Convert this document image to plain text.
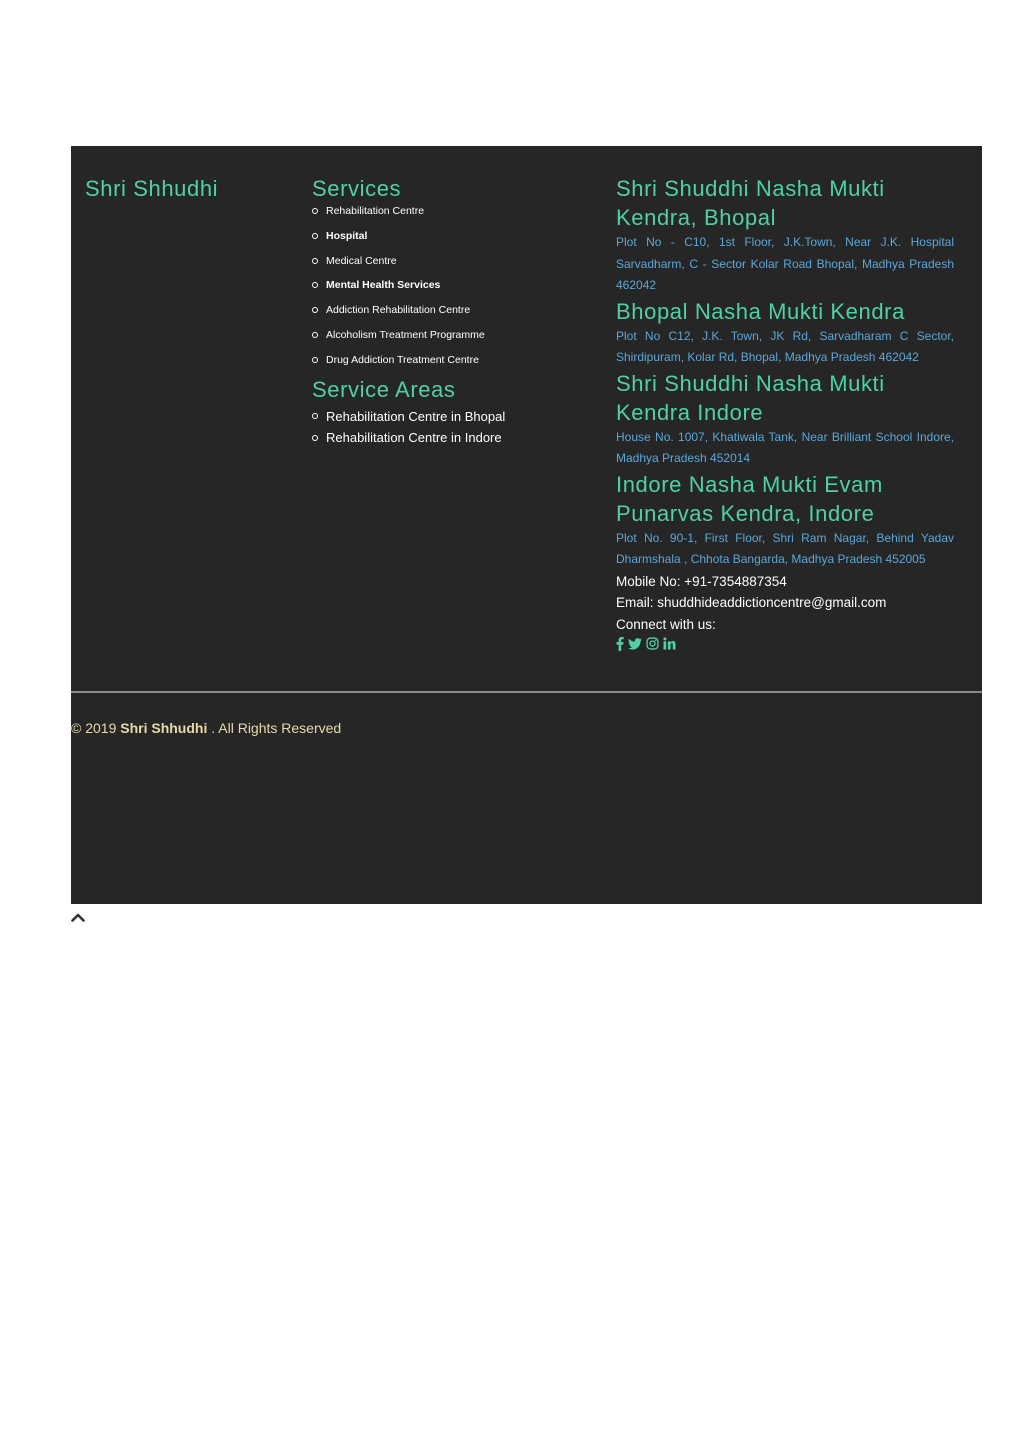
Shri Shhudhi	Services
Rehabilitation Centre
Hospital
Medical Centre
Mental Health Services
Addiction Rehabilitation Centre
Alcoholism Treatment Programme
Drug Addiction Treatment Centre
Service Areas
Rehabilitation Centre in Bhopal
Rehabilitation Centre in Indore
Shri Shuddhi Nasha Mukti Kendra, Bhopal

Plot No - C10, 1st Floor, J.K.Town, Near J.K. Hospital Sarvadharm, C - Sector Kolar Road Bhopal, Madhya Pradesh 462042

Bhopal Nasha Mukti Kendra

Plot No C12, J.K. Town, JK Rd, Sarvadharam C Sector, Shirdipuram, Kolar Rd, Bhopal, Madhya Pradesh 462042

Shri Shuddhi Nasha Mukti Kendra Indore

House No. 1007, Khatiwala Tank, Near Brilliant School Indore, Madhya Pradesh 452014

Indore Nasha Mukti Evam Punarvas Kendra, Indore

Plot No. 90-1, First Floor, Shri Ram Nagar, Behind Yadav Dharmshala , Chhota Bangarda, Madhya Pradesh 452005

Mobile No: +91-7354887354

Email: shuddhideaddictioncentre@gmail.com

Connect with us:

© 2019 Shri Shhudhi . All Rights Reserved
